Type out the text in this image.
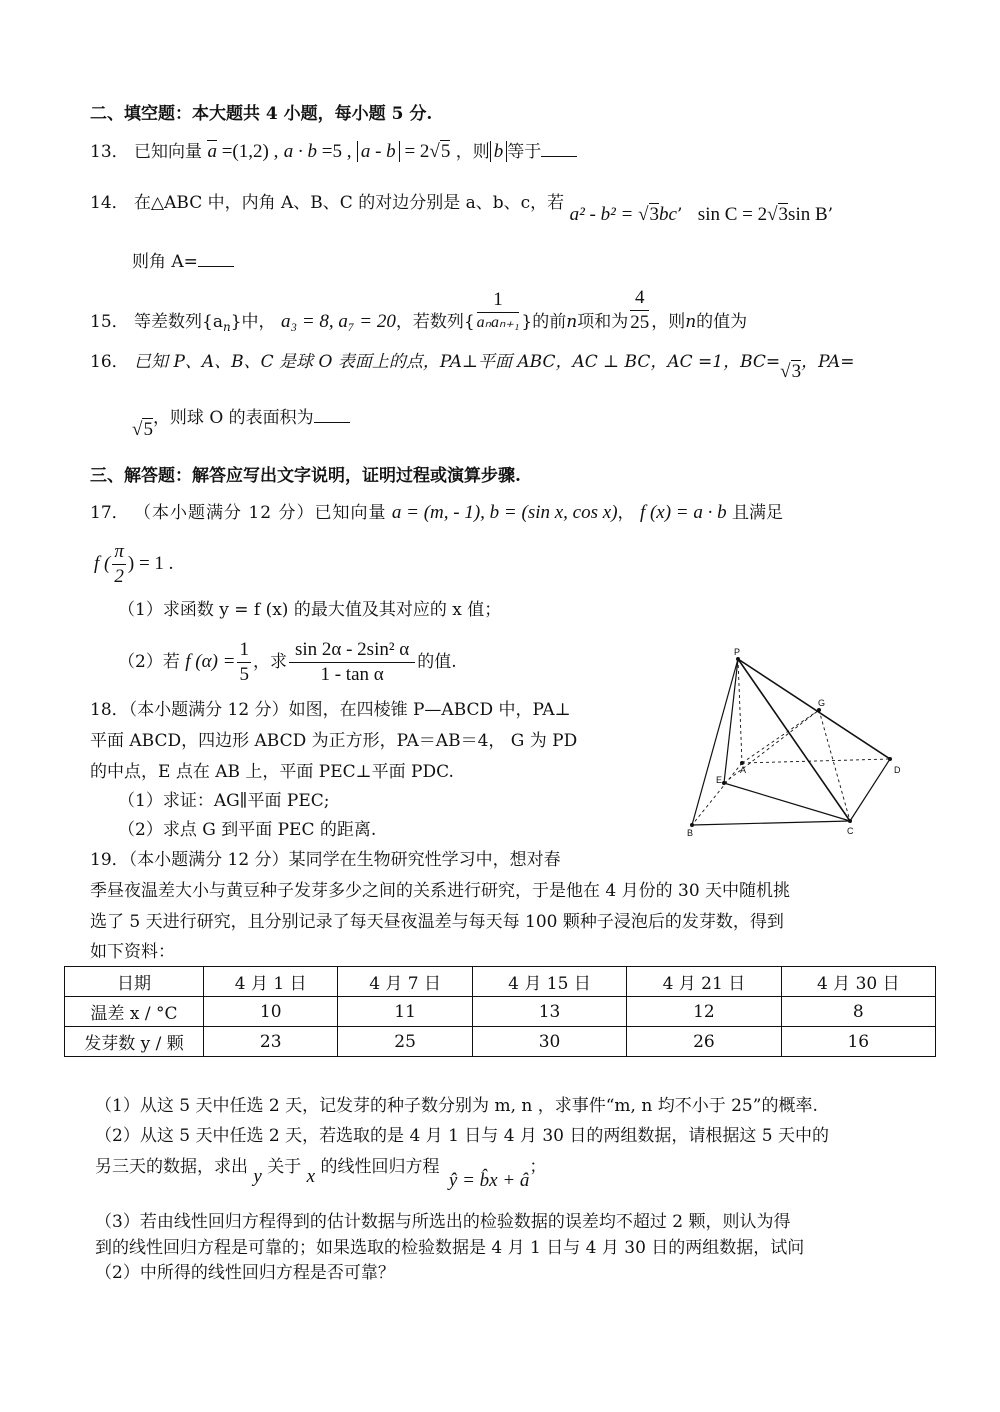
二、填空题：本大题共 4 小题，每小题 5 分.
13． 已知向量 a =(1,2) , a · b =5 , a - b = 2√5 ，则 b 等于
14． 在△ABC 中，内角 A、B、C 的对边分别是 a、b、c，若 a² - b² = √3bc’ sin C = 2√3sin B’
则角 A=
15． 等差数列$\{a_n\}$中， a₃ = 8, a₇ = 20，若数列{ $\frac{1}{\text{aₙaₙ₊₁}}$ }的前n项和为 $\frac{4}{25}$ ，则n的值为
16． 已知 P、A、B、C 是球 O 表面上的点，PA⊥平面 ABC，AC ⊥ BC，AC =1，BC=√3，PA=
√5，则球 O 的表面积为
三、解答题：解答应写出文字说明，证明过程或演算步骤.
17． （本小题满分 12 分）已知向量 a = (m, - 1), b = (sin x, cos x)， f (x) = a · b 且满足
f ( $\frac{\pi}{2}$ ) = 1 .
（1）求函数 y = f (x) 的最大值及其对应的 x 值；
（2）若 f $(\alpha) = \frac{1}{5}$ ，求 $\frac{\text{sin 2α - 2sin² α}}{\text{1 - tan α}}$ 的值.
18．（本小题满分 12 分）如图，在四棱锥 P—ABCD 中，PA⊥
平面 ABCD，四边形 ABCD 为正方形，PA＝AB＝4， G 为 PD
的中点，E 点在 AB 上，平面 PEC⊥平面 PDC.
（1）求证：AG∥平面 PEC;
（2）求点 G 到平面 PEC 的距离.
P
G
A	D
E
B	C
19．（本小题满分 12 分）某同学在生物研究性学习中，想对春
季昼夜温差大小与黄豆种子发芽多少之间的关系进行研究，于是他在 4 月份的 30 天中随机挑
选了 5 天进行研究，且分别记录了每天昼夜温差与每天每 100 颗种子浸泡后的发芽数，得到
如下资料：
日期	4 月 1 日	4 月 7 日	4 月 15 日	4 月 21 日	4 月 30 日
温差 x / °C	10	11	13	12	8
发芽数 y / 颗	23	25	30	26	16
（1）从这 5 天中任选 2 天，记发芽的种子数分别为 m, n ，求事件“m, n 均不小于 25”的概率.
（2）从这 5 天中任选 2 天，若选取的是 4 月 1 日与 4 月 30 日的两组数据，请根据这 5 天中的
另三天的数据，求出 y 关于 x 的线性回归方程 ŷ = b̂x + â；
（3）若由线性回归方程得到的估计数据与所选出的检验数据的误差均不超过 2 颗，则认为得
到的线性回归方程是可靠的；如果选取的检验数据是 4 月 1 日与 4 月 30 日的两组数据，试问
（2）中所得的线性回归方程是否可靠？
